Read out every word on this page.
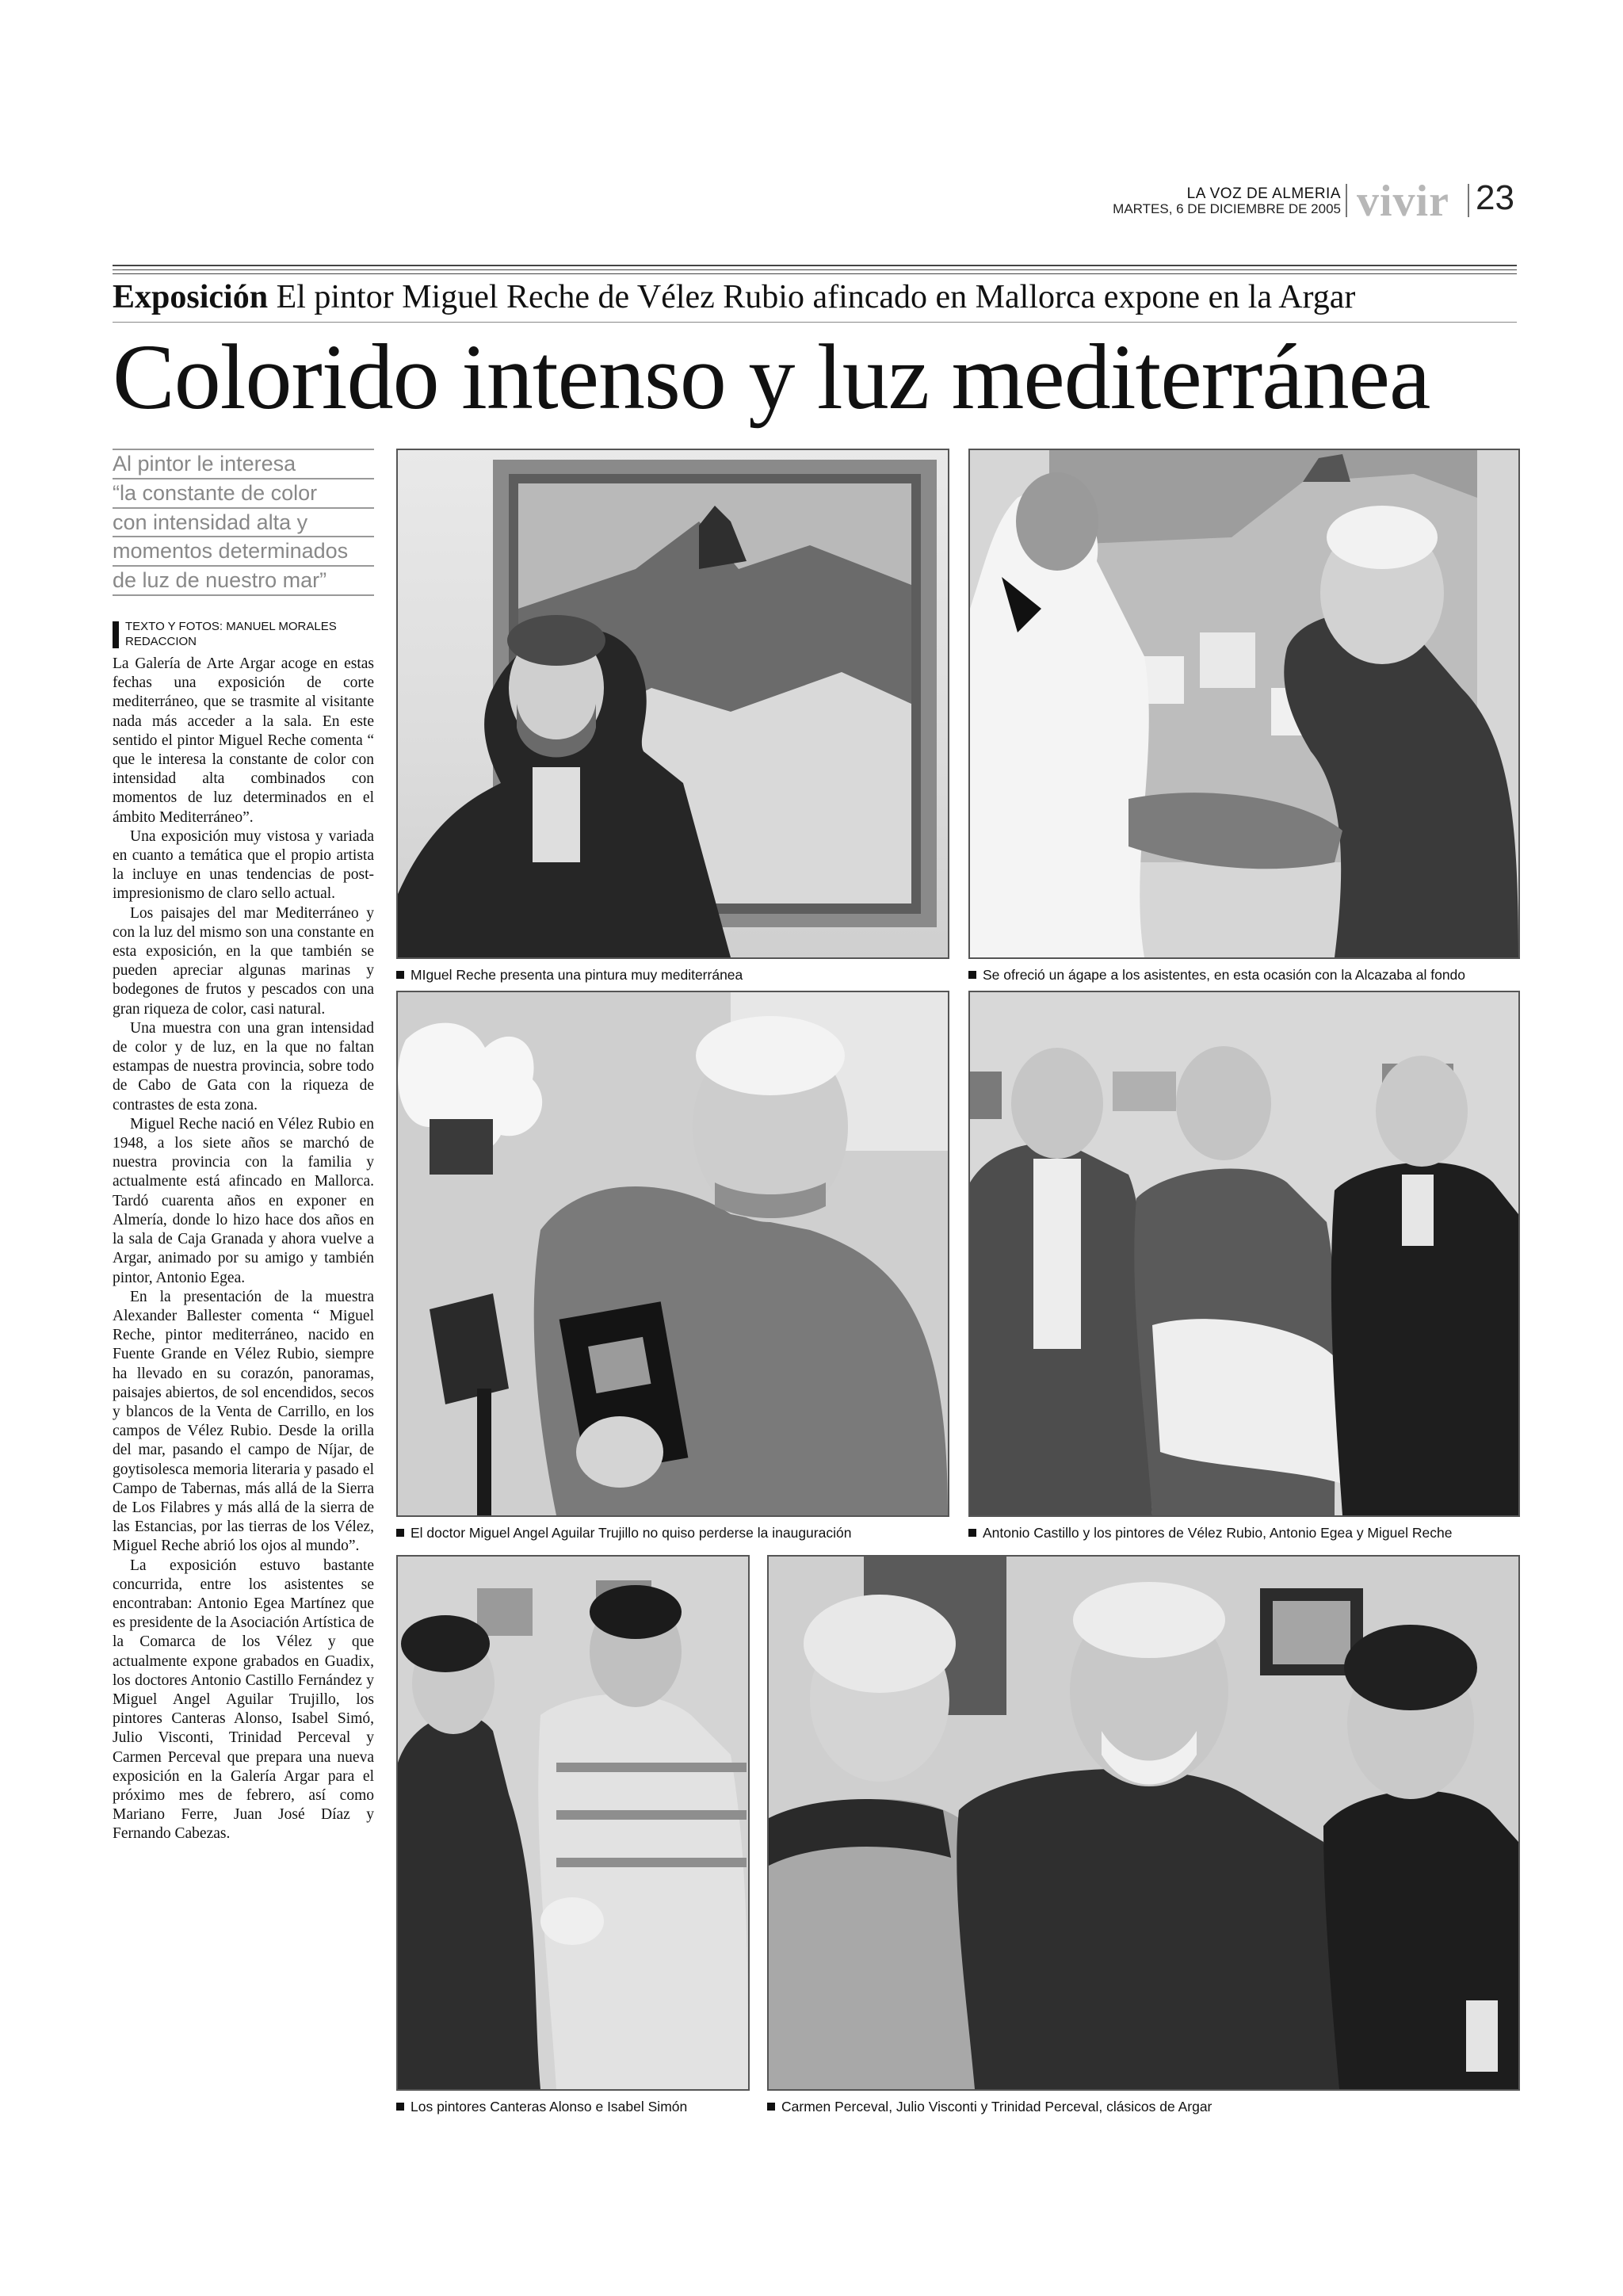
LA VOZ DE ALMERIA
MARTES, 6 DE DICIEMBRE DE 2005 vivir 23
Exposición El pintor Miguel Reche de Vélez Rubio afincado en Mallorca expone en la Argar
Colorido intenso y luz mediterránea
Al pintor le interesa
“la constante de color
con intensidad alta y
momentos determinados
de luz de nuestro mar”
TEXTO Y FOTOS: MANUEL MORALES
REDACCION

La Galería de Arte Argar acoge en estas fechas una exposición de corte mediterráneo, que se trasmite al visitante nada más acceder a la sala. En este sentido el pintor Miguel Reche comenta “ que le interesa la constante de color con intensidad alta combinados con momentos de luz determinados en el ámbito Mediterráneo”.

Una exposición muy vistosa y variada en cuanto a temática que el propio artista la incluye en unas tendencias de post-impresionismo de claro sello actual.

Los paisajes del mar Mediterráneo y con la luz del mismo son una constante en esta exposición, en la que también se pueden apreciar algunas marinas y bodegones de frutos y pescados con una gran riqueza de color, casi natural.

Una muestra con una gran intensidad de color y de luz, en la que no faltan estampas de nuestra provincia, sobre todo de Cabo de Gata con la riqueza de contrastes de esta zona.

Miguel Reche nació en Vélez Rubio en 1948, a los siete años se marchó de nuestra provincia con la familia y actualmente está afincado en Mallorca. Tardó cuarenta años en exponer en Almería, donde lo hizo hace dos años en la sala de Caja Granada y ahora vuelve a Argar, animado por su amigo y también pintor, Antonio Egea.

En la presentación de la muestra Alexander Ballester comenta “ Miguel Reche, pintor mediterráneo, nacido en Fuente Grande en Vélez Rubio, siempre ha llevado en su corazón, panoramas, paisajes abiertos, de sol encendidos, secos y blancos de la Venta de Carrillo, en los campos de Vélez Rubio. Desde la orilla del mar, pasando el campo de Níjar, de goytisolesca memoria literaria y pasado el Campo de Tabernas, más allá de la Sierra de Los Filabres y más allá de la sierra de las Estancias, por las tierras de los Vélez, Miguel Reche abrió los ojos al mundo”.

La exposición estuvo bastante concurrida, entre los asistentes se encontraban: Antonio Egea Martínez que es presidente de la Asociación Artística de la Comarca de los Vélez y que actualmente expone grabados en Guadix, los doctores Antonio Castillo Fernández y Miguel Angel Aguilar Trujillo, los pintores Canteras Alonso, Isabel Simó, Julio Visconti, Trinidad Perceval y Carmen Perceval que prepara una nueva exposición en la Galería Argar para el próximo mes de febrero, así como Mariano Ferre, Juan José Díaz y Fernando Cabezas.

MIguel Reche presenta una pintura muy mediterránea	Se ofreció un ágape a los asistentes, en esta ocasión con la Alcazaba al fondo
El doctor Miguel Angel Aguilar Trujillo no quiso perderse la inauguración	Antonio Castillo y los pintores de Vélez Rubio, Antonio Egea y Miguel Reche
Los pintores Canteras Alonso e Isabel Simón	Carmen Perceval, Julio Visconti y Trinidad Perceval, clásicos de Argar
